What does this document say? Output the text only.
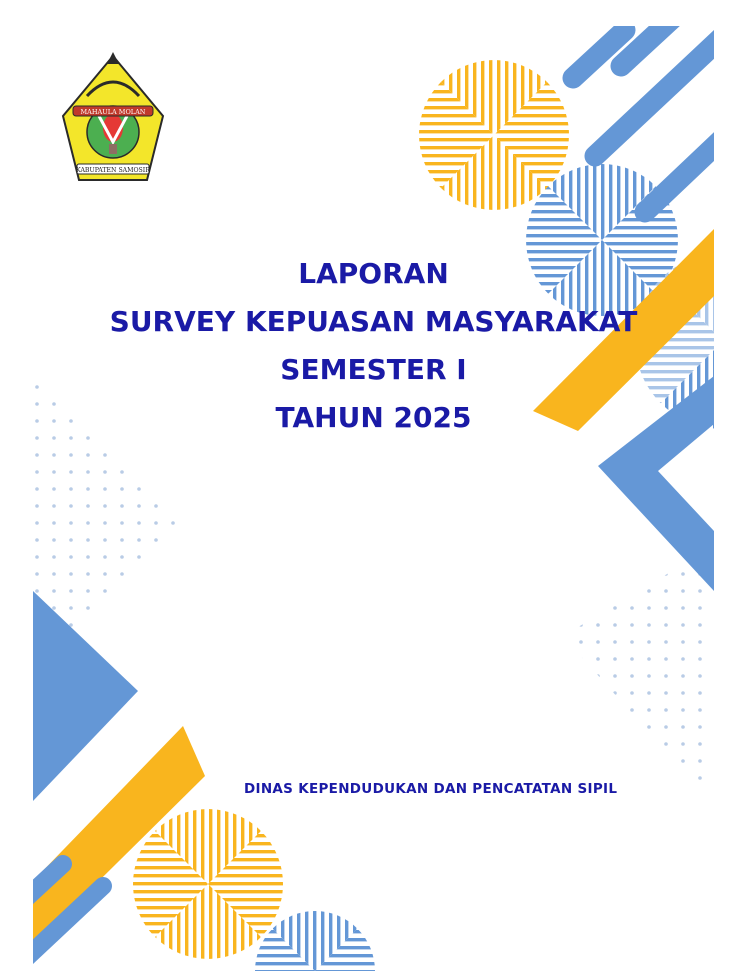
MAHAULA MOLAN
KABUPATEN SAMOSIR
LAPORAN
SURVEY KEPUASAN MASYARAKAT
SEMESTER I
TAHUN 2025
DINAS KEPENDUDUKAN DAN PENCATATAN SIPIL
